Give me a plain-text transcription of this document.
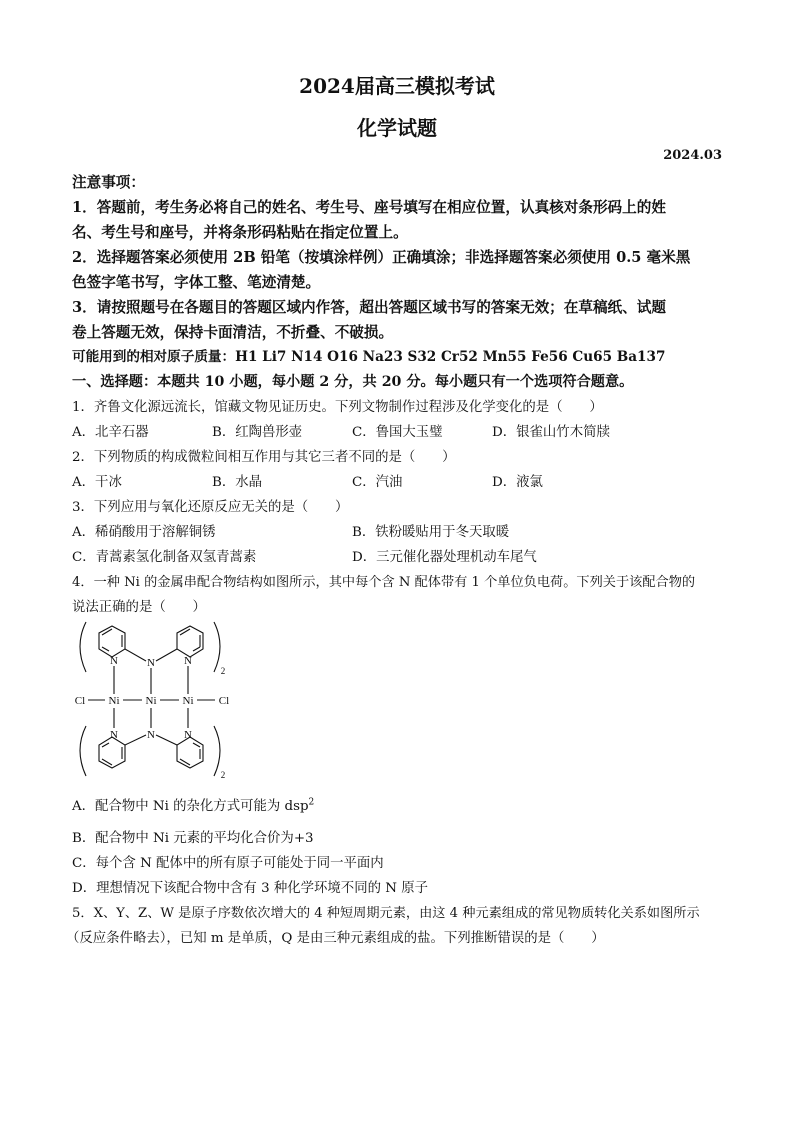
2024届高三模拟考试
化学试题
2024.03
注意事项：
1．答题前，考生务必将自己的姓名、考生号、座号填写在相应位置，认真核对条形码上的姓
名、考生号和座号，并将条形码粘贴在指定位置上。
2．选择题答案必须使用 2B 铅笔（按填涂样例）正确填涂；非选择题答案必须使用 0.5 毫米黑
色签字笔书写，字体工整、笔迹清楚。
3．请按照题号在各题目的答题区域内作答，超出答题区域书写的答案无效；在草稿纸、试题
卷上答题无效，保持卡面清洁，不折叠、不破损。
可能用到的相对原子质量：H1 Li7 N14 O16 Na23 S32 Cr52 Mn55 Fe56 Cu65 Ba137
一、选择题：本题共 10 小题，每小题 2 分，共 20 分。每小题只有一个选项符合题意。
1．齐鲁文化源远流长，馆藏文物见证历史。下列文物制作过程涉及化学变化的是（　　）
A．北辛石器	B．红陶兽形壶	C．鲁国大玉璧	D．银雀山竹木简牍
2．下列物质的构成微粒间相互作用与其它三者不同的是（　　）
A．干冰	B．水晶	C．汽油	D．液氯
3．下列应用与氧化还原反应无关的是（　　）
A．稀硝酸用于溶解铜锈	B．铁粉暖贴用于冬天取暖
C．青蒿素氢化制备双氢青蒿素	D．三元催化器处理机动车尾气
4．一种 Ni 的金属串配合物结构如图所示，其中每个含 N 配体带有 1 个单位负电荷。下列关于该配合物的
说法正确的是（　　）
N	N	N
Cl Ni Ni Ni Cl
N	N	N
2
2
A．配合物中 Ni 的杂化方式可能为 dsp$^2$
B．配合物中 Ni 元素的平均化合价为+3
C．每个含 N 配体中的所有原子可能处于同一平面内
D．理想情况下该配合物中含有 3 种化学环境不同的 N 原子
5．X、Y、Z、W 是原子序数依次增大的 4 种短周期元素，由这 4 种元素组成的常见物质转化关系如图所示
（反应条件略去），已知 m 是单质，Q 是由三种元素组成的盐。下列推断错误的是（　　）
